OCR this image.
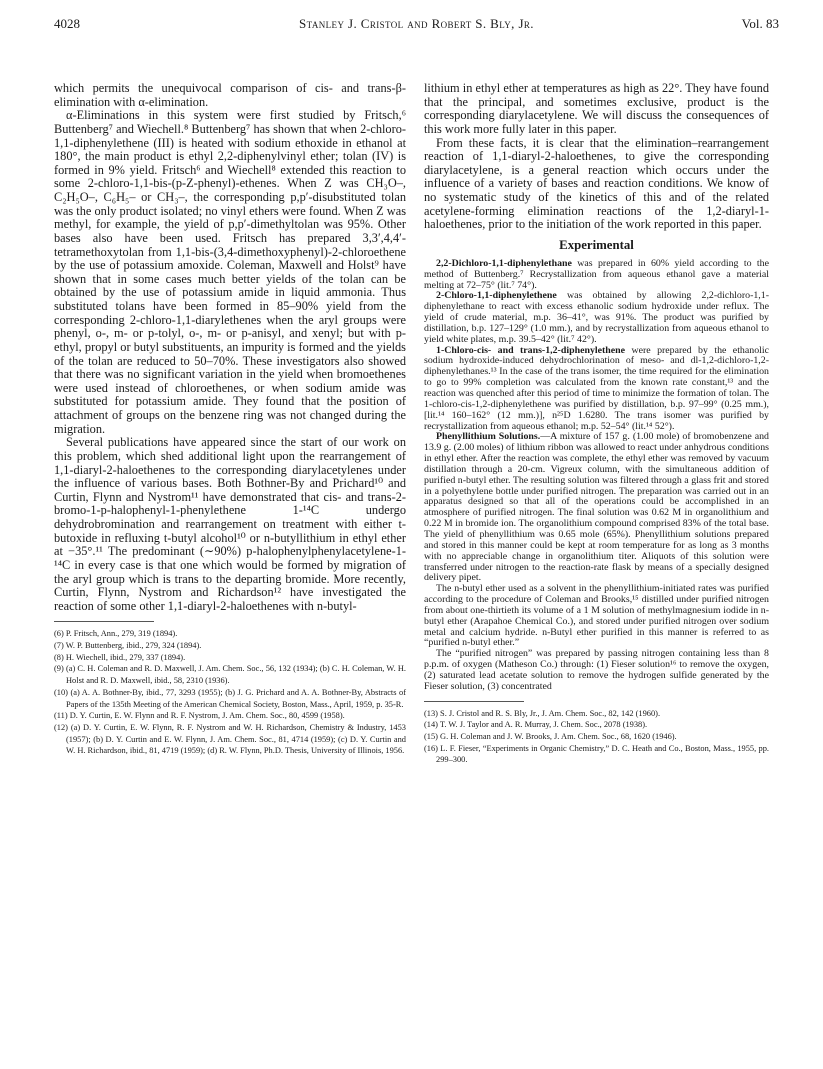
4028	Stanley J. Cristol and Robert S. Bly, Jr.	Vol. 83

which permits the unequivocal comparison of cis- and trans-β-elimination with α-elimination.

α-Eliminations in this system were first studied by Fritsch,⁶ Buttenberg⁷ and Wiechell.⁸ Buttenberg⁷ has shown that when 2-chloro-1,1-diphenylethene (III) is heated with sodium ethoxide in ethanol at 180°, the main product is ethyl 2,2-diphenylvinyl ether; tolan (IV) is formed in 9% yield. Fritsch⁶ and Wiechell⁸ extended this reaction to some 2-chloro-1,1-bis-(p-Z-phenyl)-ethenes. When Z was CH₃O–, C₂H₅O–, C₆H₅– or CH₃–, the corresponding p,p′-disubstituted tolan was the only product isolated; no vinyl ethers were found. When Z was methyl, for example, the yield of p,p′-dimethyltolan was 95%. Other bases also have been used. Fritsch has prepared 3,3′,4,4′-tetramethoxytolan from 1,1-bis-(3,4-dimethoxyphenyl)-2-chloroethene by the use of potassium amoxide. Coleman, Maxwell and Holst⁹ have shown that in some cases much better yields of the tolan can be obtained by the use of potassium amide in liquid ammonia. Thus substituted tolans have been formed in 85–90% yield from the corresponding 2-chloro-1,1-diarylethenes when the aryl groups were phenyl, o-, m- or p-tolyl, o-, m- or p-anisyl, and xenyl; but with p-ethyl, propyl or butyl substituents, an impurity is formed and the yields of the tolan are reduced to 50–70%. These investigators also showed that there was no significant variation in the yield when bromoethenes were used instead of chloroethenes, or when sodium amide was substituted for potassium amide. They found that the position of attachment of groups on the benzene ring was not changed during the migration.

Several publications have appeared since the start of our work on this problem, which shed additional light upon the rearrangement of 1,1-diaryl-2-haloethenes to the corresponding diarylacetylenes under the influence of various bases. Both Bothner-By and Prichard¹⁰ and Curtin, Flynn and Nystrom¹¹ have demonstrated that cis- and trans-2-bromo-1-p-halophenyl-1-phenylethene 1-¹⁴C undergo dehydrobromination and rearrangement on treatment with either t-butoxide in refluxing t-butyl alcohol¹⁰ or n-butyllithium in ethyl ether at −35°.¹¹ The predominant (∼90%) p-halophenylphenylacetylene-1-¹⁴C in every case is that one which would be formed by migration of the aryl group which is trans to the departing bromide. More recently, Curtin, Flynn, Nystrom and Richardson¹² have investigated the reaction of some other 1,1-diaryl-2-haloethenes with n-butyl-

(6) P. Fritsch, Ann., 279, 319 (1894).

(7) W. P. Buttenberg, ibid., 279, 324 (1894).

(8) H. Wiechell, ibid., 279, 337 (1894).

(9) (a) C. H. Coleman and R. D. Maxwell, J. Am. Chem. Soc., 56, 132 (1934); (b) C. H. Coleman, W. H. Holst and R. D. Maxwell, ibid., 58, 2310 (1936).

(10) (a) A. A. Bothner-By, ibid., 77, 3293 (1955); (b) J. G. Prichard and A. A. Bothner-By, Abstracts of Papers of the 135th Meeting of the American Chemical Society, Boston, Mass., April, 1959, p. 35-R.

(11) D. Y. Curtin, E. W. Flynn and R. F. Nystrom, J. Am. Chem. Soc., 80, 4599 (1958).

(12) (a) D. Y. Curtin, E. W. Flynn, R. F. Nystrom and W. H. Richardson, Chemistry & Industry, 1453 (1957); (b) D. Y. Curtin and E. W. Flynn, J. Am. Chem. Soc., 81, 4714 (1959); (c) D. Y. Curtin and W. H. Richardson, ibid., 81, 4719 (1959); (d) R. W. Flynn, Ph.D. Thesis, University of Illinois, 1956.

lithium in ethyl ether at temperatures as high as 22°. They have found that the principal, and sometimes exclusive, product is the corresponding diarylacetylene. We will discuss the consequences of this work more fully later in this paper.

From these facts, it is clear that the elimination–rearrangement reaction of 1,1-diaryl-2-haloethenes, to give the corresponding diarylacetylene, is a general reaction which occurs under the influence of a variety of bases and reaction conditions. We know of no systematic study of the kinetics of this and of the related acetylene-forming elimination reactions of the 1,2-diaryl-1-haloethenes, prior to the initiation of the work reported in this paper.

Experimental

2,2-Dichloro-1,1-diphenylethane was prepared in 60% yield according to the method of Buttenberg.⁷ Recrystallization from aqueous ethanol gave a material melting at 72–75° (lit.⁷ 74°).

2-Chloro-1,1-diphenylethene was obtained by allowing 2,2-dichloro-1,1-diphenylethane to react with excess ethanolic sodium hydroxide under reflux. The yield of crude material, m.p. 36–41°, was 91%. The product was purified by distillation, b.p. 127–129° (1.0 mm.), and by recrystallization from aqueous ethanol to yield white plates, m.p. 39.5–42° (lit.⁷ 42°).

1-Chloro-cis- and trans-1,2-diphenylethene were prepared by the ethanolic sodium hydroxide-induced dehydrochlorination of meso- and dl-1,2-dichloro-1,2-diphenylethanes.¹³ In the case of the trans isomer, the time required for the elimination to go to 99% completion was calculated from the known rate constant,¹³ and the reaction was quenched after this period of time to minimize the formation of tolan. The 1-chloro-cis-1,2-diphenylethene was purified by distillation, b.p. 97–99° (0.25 mm.), [lit.¹⁴ 160–162° (12 mm.)], n²⁵D 1.6280. The trans isomer was purified by recrystallization from aqueous ethanol; m.p. 52–54° (lit.¹⁴ 52°).

Phenyllithium Solutions.—A mixture of 157 g. (1.00 mole) of bromobenzene and 13.9 g. (2.00 moles) of lithium ribbon was allowed to react under anhydrous conditions in ethyl ether. After the reaction was complete, the ethyl ether was removed by vacuum distillation through a 20-cm. Vigreux column, with the simultaneous addition of purified n-butyl ether. The resulting solution was filtered through a glass frit and stored in a polyethylene bottle under purified nitrogen. The preparation was carried out in an apparatus designed so that all of the operations could be accomplished in an atmosphere of purified nitrogen. The final solution was 0.62 M in organolithium and 0.22 M in bromide ion. The organolithium compound comprised 83% of the total base. The yield of phenyllithium was 0.65 mole (65%). Phenyllithium solutions prepared and stored in this manner could be kept at room temperature for as long as 3 months with no appreciable change in organolithium titer. Aliquots of this solution were transferred under nitrogen to the reaction-rate flask by means of a specially designed delivery pipet.

The n-butyl ether used as a solvent in the phenyllithium-initiated rates was purified according to the procedure of Coleman and Brooks,¹⁵ distilled under purified nitrogen from about one-thirtieth its volume of a 1 M solution of methylmagnesium iodide in n-butyl ether (Arapahoe Chemical Co.), and stored under purified nitrogen over sodium metal and calcium hydride. n-Butyl ether purified in this manner is referred to as “purified n-butyl ether.”

The “purified nitrogen” was prepared by passing nitrogen containing less than 8 p.p.m. of oxygen (Matheson Co.) through: (1) Fieser solution¹⁶ to remove the oxygen, (2) saturated lead acetate solution to remove the hydrogen sulfide generated by the Fieser solution, (3) concentrated

(13) S. J. Cristol and R. S. Bly, Jr., J. Am. Chem. Soc., 82, 142 (1960).

(14) T. W. J. Taylor and A. R. Murray, J. Chem. Soc., 2078 (1938).

(15) G. H. Coleman and J. W. Brooks, J. Am. Chem. Soc., 68, 1620 (1946).

(16) L. F. Fieser, “Experiments in Organic Chemistry,” D. C. Heath and Co., Boston, Mass., 1955, pp. 299–300.
